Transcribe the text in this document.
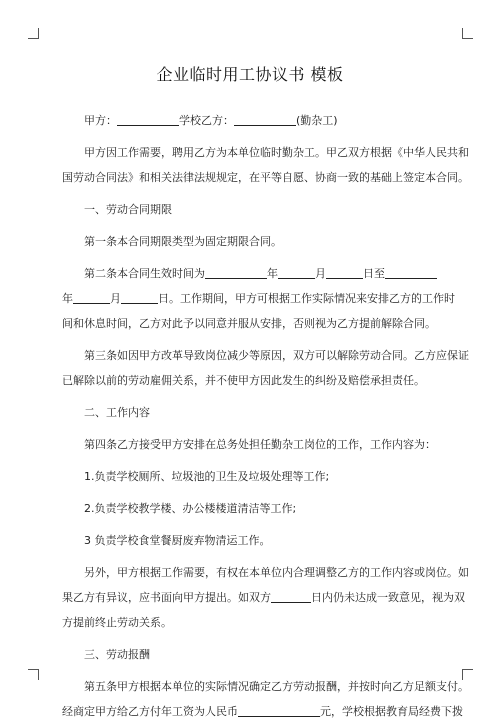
企业临时用工协议书 模板

甲方：	学校乙方：	(勤杂工)

甲方因工作需要，聘用乙方为本单位临时勤杂工。甲乙双方根据《中华人民共和

国劳动合同法》和相关法律法规规定，在平等自愿、协商一致的基础上签定本合同。

一、劳动合同期限

第一条本合同期限类型为固定期限合同。

第二条本合同生效时间为	年	月	日至

年	月	日。工作期间，甲方可根据工作实际情况来安排乙方的工作时

间和休息时间，乙方对此予以同意并服从安排，否则视为乙方提前解除合同。

第三条如因甲方改革导致岗位减少等原因，双方可以解除劳动合同。乙方应保证

已解除以前的劳动雇佣关系，并不使甲方因此发生的纠纷及赔偿承担责任。

二、工作内容

第四条乙方接受甲方安排在总务处担任勤杂工岗位的工作，工作内容为：

1.负责学校厕所、垃圾池的卫生及垃圾处理等工作;

2.负责学校教学楼、办公楼楼道清洁等工作;

3 负责学校食堂餐厨废弃物清运工作。

另外，甲方根据工作需要，有权在本单位内合理调整乙方的工作内容或岗位。如

果乙方有异议，应书面向甲方提出。如双方	日内仍未达成一致意见，视为双

方提前终止劳动关系。

三、劳动报酬

第五条甲方根据本单位的实际情况确定乙方劳动报酬，并按时向乙方足额支付。

经商定甲方给乙方付年工资为人民币	元，学校根据教育局经费下拨
